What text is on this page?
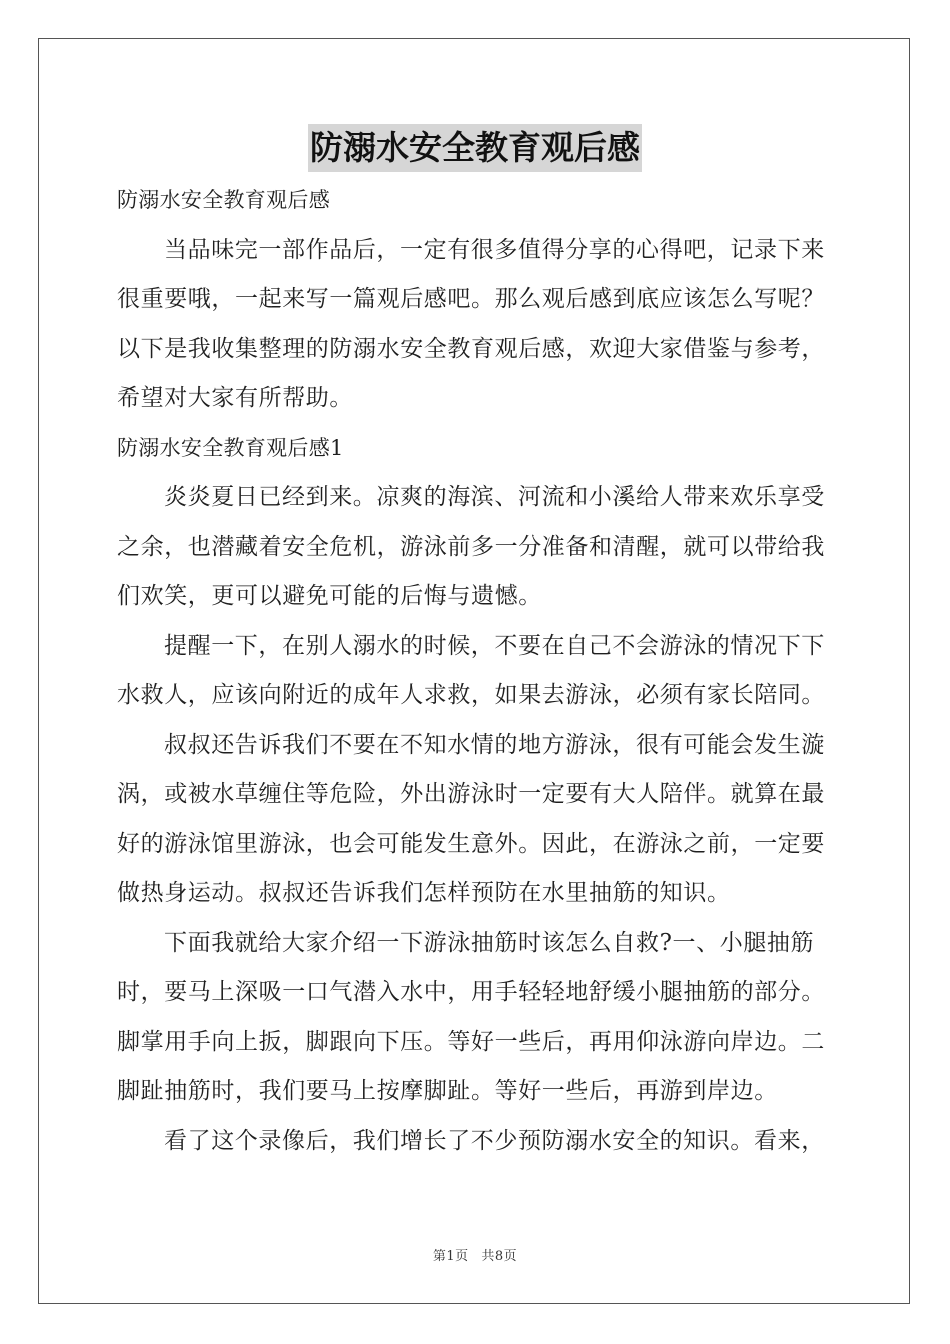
防溺水安全教育观后感
防溺水安全教育观后感
当品味完一部作品后，一定有很多值得分享的心得吧，记录下来
很重要哦，一起来写一篇观后感吧。那么观后感到底应该怎么写呢？
以下是我收集整理的防溺水安全教育观后感，欢迎大家借鉴与参考，
希望对大家有所帮助。
防溺水安全教育观后感1
炎炎夏日已经到来。凉爽的海滨、河流和小溪给人带来欢乐享受
之余，也潜藏着安全危机，游泳前多一分准备和清醒，就可以带给我
们欢笑，更可以避免可能的后悔与遗憾。
提醒一下，在别人溺水的时候，不要在自己不会游泳的情况下下
水救人，应该向附近的成年人求救，如果去游泳，必须有家长陪同。
叔叔还告诉我们不要在不知水情的地方游泳，很有可能会发生漩
涡，或被水草缠住等危险，外出游泳时一定要有大人陪伴。就算在最
好的游泳馆里游泳，也会可能发生意外。因此，在游泳之前，一定要
做热身运动。叔叔还告诉我们怎样预防在水里抽筋的知识。
下面我就给大家介绍一下游泳抽筋时该怎么自救?一、小腿抽筋
时，要马上深吸一口气潜入水中，用手轻轻地舒缓小腿抽筋的部分。
脚掌用手向上扳，脚跟向下压。等好一些后，再用仰泳游向岸边。二
脚趾抽筋时，我们要马上按摩脚趾。等好一些后，再游到岸边。
看了这个录像后，我们增长了不少预防溺水安全的知识。看来，
第1页 共8页
